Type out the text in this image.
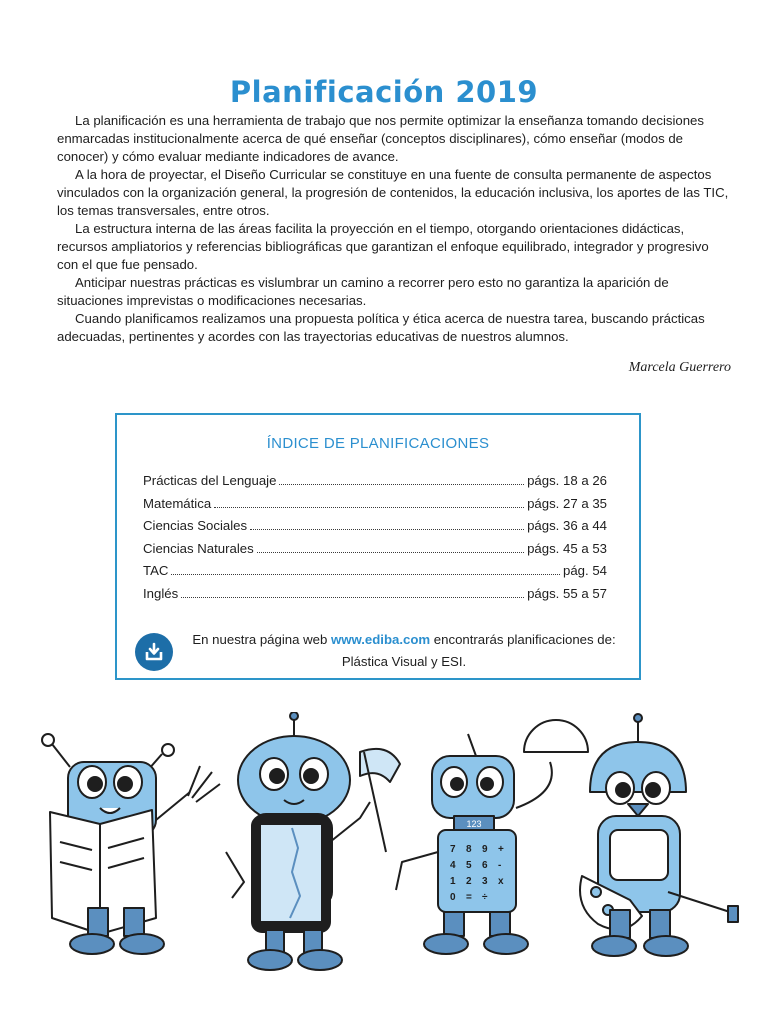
Planificación 2019

La planificación es una herramienta de trabajo que nos permite optimizar la enseñanza tomando decisiones enmarcadas institucionalmente acerca de qué enseñar (conceptos disciplinares), cómo enseñar (modos de conocer) y cómo evaluar mediante indicadores de avance.

A la hora de proyectar, el Diseño Curricular se constituye en una fuente de consulta permanente de aspectos vinculados con la organización general, la progresión de contenidos, la educación inclusiva, los aportes de las TIC, los temas transversales, entre otros.

La estructura interna de las áreas facilita la proyección en el tiempo, otorgando orientaciones didácticas, recursos ampliatorios y referencias bibliográficas que garantizan el enfoque equilibrado, integrador y progresivo con el que fue pensado.

Anticipar nuestras prácticas es vislumbrar un camino a recorrer pero esto no garantiza la aparición de situaciones imprevistas o modificaciones necesarias.

Cuando planificamos realizamos una propuesta política y ética acerca de nuestra tarea, buscando prácticas adecuadas, pertinentes y acordes con las trayectorias educativas de nuestros alumnos.

Marcela Guerrero
ÍNDICE DE PLANIFICACIONES
Prácticas del Lenguaje	págs. 18 a 26
Matemática	págs. 27 a 35
Ciencias Sociales	págs. 36 a 44
Ciencias Naturales	págs. 45 a 53
TAC	pág. 54
Inglés	págs. 55 a 57
En nuestra página web www.ediba.com encontrarás planificaciones de:
Plástica Visual y ESI.
123
7 8 9 +
4 5 6 -
1 2 3 x
0 = ÷
